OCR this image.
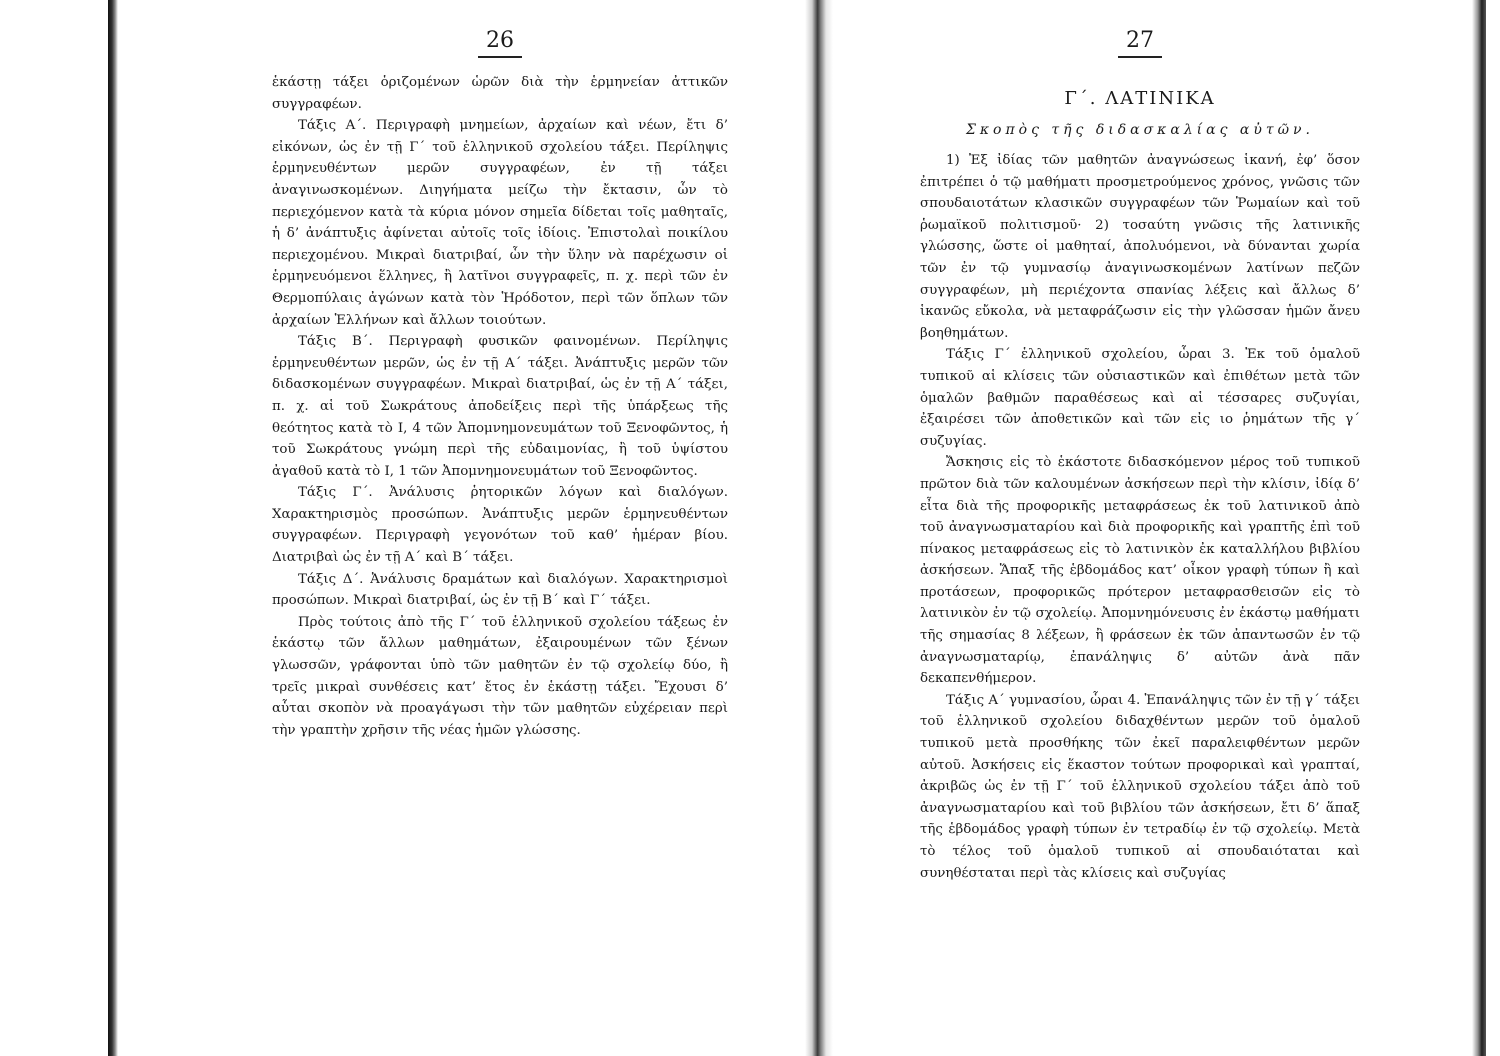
26

ἑκάστῃ τάξει ὁριζομένων ὡρῶν διὰ τὴν ἑρμηνείαν ἀττικῶν συγγραφέων.

Τάξις Α΄. Περιγραφὴ μνημείων, ἀρχαίων καὶ νέων, ἔτι δ’ εἰκόνων, ὡς ἐν τῇ Γ΄ τοῦ ἑλληνικοῦ σχολείου τάξει. Περίληψις ἑρμηνευθέντων μερῶν συγγραφέων, ἐν τῇ τάξει ἀναγινωσκομένων. Διηγήματα μείζω τὴν ἔκτασιν, ὧν τὸ περιεχόμενον κατὰ τὰ κύρια μόνον σημεῖα δίδεται τοῖς μαθηταῖς, ἡ δ’ ἀνάπτυξις ἀφίνεται αὐτοῖς τοῖς ἰδίοις. Ἐπιστολαὶ ποικίλου περιεχομένου. Μικραὶ διατριβαί, ὧν τὴν ὕλην νὰ παρέχωσιν οἱ ἑρμηνευόμενοι ἕλληνες, ἢ λατῖνοι συγγραφεῖς, π. χ. περὶ τῶν ἐν Θερμοπύλαις ἀγώνων κατὰ τὸν Ἡρόδοτον, περὶ τῶν ὅπλων τῶν ἀρχαίων Ἑλλήνων καὶ ἄλλων τοιούτων.

Τάξις Β΄. Περιγραφὴ φυσικῶν φαινομένων. Περίληψις ἑρμηνευθέντων μερῶν, ὡς ἐν τῇ Α΄ τάξει. Ἀνάπτυξις μερῶν τῶν διδασκομένων συγγραφέων. Μικραὶ διατριβαί, ὡς ἐν τῇ Α΄ τάξει, π. χ. αἱ τοῦ Σωκράτους ἀποδείξεις περὶ τῆς ὑπάρξεως τῆς θεότητος κατὰ τὸ Ι, 4 τῶν Ἀπομνημονευμάτων τοῦ Ξενοφῶντος, ἡ τοῦ Σωκράτους γνώμη περὶ τῆς εὐδαιμονίας, ἢ τοῦ ὑψίστου ἀγαθοῦ κατὰ τὸ Ι, 1 τῶν Ἀπομνημονευμάτων τοῦ Ξενοφῶντος.

Τάξις Γ΄. Ἀνάλυσις ῥητορικῶν λόγων καὶ διαλόγων. Χαρακτηρισμὸς προσώπων. Ἀνάπτυξις μερῶν ἑρμηνευθέντων συγγραφέων. Περιγραφὴ γεγονότων τοῦ καθ’ ἡμέραν βίου. Διατριβαὶ ὡς ἐν τῇ Α΄ καὶ Β΄ τάξει.

Τάξις Δ΄. Ἀνάλυσις δραμάτων καὶ διαλόγων. Χαρακτηρισμοὶ προσώπων. Μικραὶ διατριβαί, ὡς ἐν τῇ Β΄ καὶ Γ΄ τάξει.

Πρὸς τούτοις ἀπὸ τῆς Γ΄ τοῦ ἑλληνικοῦ σχολείου τάξεως ἐν ἑκάστῳ τῶν ἄλλων μαθημάτων, ἐξαιρουμένων τῶν ξένων γλωσσῶν, γράφονται ὑπὸ τῶν μαθητῶν ἐν τῷ σχολείῳ δύο, ἢ τρεῖς μικραὶ συνθέσεις κατ’ ἔτος ἐν ἑκάστῃ τάξει. Ἔχουσι δ’ αὗται σκοπὸν νὰ προαγάγωσι τὴν τῶν μαθητῶν εὐχέρειαν περὶ τὴν γραπτὴν χρῆσιν τῆς νέας ἡμῶν γλώσσης.

27
Γ΄. ΛΑΤΙΝΙΚΑ
Σκοπὸς τῆς διδασκαλίας αὐτῶν.

1) Ἐξ ἰδίας τῶν μαθητῶν ἀναγνώσεως ἱκανή, ἐφ’ ὅσον ἐπιτρέπει ὁ τῷ μαθήματι προσμετρούμενος χρόνος, γνῶσις τῶν σπουδαιοτάτων κλασικῶν συγγραφέων τῶν Ῥωμαίων καὶ τοῦ ῥωμαϊκοῦ πολιτισμοῦ· 2) τοσαύτη γνῶσις τῆς λατινικῆς γλώσσης, ὥστε οἱ μαθηταί, ἀπολυόμενοι, νὰ δύνανται χωρία τῶν ἐν τῷ γυμνασίῳ ἀναγινωσκομένων λατίνων πεζῶν συγγραφέων, μὴ περιέχοντα σπανίας λέξεις καὶ ἄλλως δ’ ἱκανῶς εὔκολα, νὰ μεταφράζωσιν εἰς τὴν γλῶσσαν ἡμῶν ἄνευ βοηθημάτων.

Τάξις Γ΄ ἑλληνικοῦ σχολείου, ὧραι 3. Ἐκ τοῦ ὁμαλοῦ τυπικοῦ αἱ κλίσεις τῶν οὐσιαστικῶν καὶ ἐπιθέτων μετὰ τῶν ὁμαλῶν βαθμῶν παραθέσεως καὶ αἱ τέσσαρες συζυγίαι, ἐξαιρέσει τῶν ἀποθετικῶν καὶ τῶν εἰς ιο ῥημάτων τῆς γ΄ συζυγίας.

Ἄσκησις εἰς τὸ ἑκάστοτε διδασκόμενον μέρος τοῦ τυπικοῦ πρῶτον διὰ τῶν καλουμένων ἀσκήσεων περὶ τὴν κλίσιν, ἰδίᾳ δ’ εἶτα διὰ τῆς προφορικῆς μεταφράσεως ἐκ τοῦ λατινικοῦ ἀπὸ τοῦ ἀναγνωσματαρίου καὶ διὰ προφορικῆς καὶ γραπτῆς ἐπὶ τοῦ πίνακος μεταφράσεως εἰς τὸ λατινικὸν ἐκ καταλλήλου βιβλίου ἀσκήσεων. Ἅπαξ τῆς ἑβδομάδος κατ’ οἶκον γραφὴ τύπων ἢ καὶ προτάσεων, προφορικῶς πρότερον μεταφρασθεισῶν εἰς τὸ λατινικὸν ἐν τῷ σχολείῳ. Ἀπομνημόνευσις ἐν ἑκάστῳ μαθήματι τῆς σημασίας 8 λέξεων, ἢ φράσεων ἐκ τῶν ἀπαντωσῶν ἐν τῷ ἀναγνωσματαρίῳ, ἐπανάληψις δ’ αὐτῶν ἀνὰ πᾶν δεκαπενθήμερον.

Τάξις Α΄ γυμνασίου, ὧραι 4. Ἐπανάληψις τῶν ἐν τῇ γ΄ τάξει τοῦ ἑλληνικοῦ σχολείου διδαχθέντων μερῶν τοῦ ὁμαλοῦ τυπικοῦ μετὰ προσθήκης τῶν ἐκεῖ παραλειφθέντων μερῶν αὐτοῦ. Ἀσκήσεις εἰς ἕκαστον τούτων προφορικαὶ καὶ γραπταί, ἀκριβῶς ὡς ἐν τῇ Γ΄ τοῦ ἑλληνικοῦ σχολείου τάξει ἀπὸ τοῦ ἀναγνωσματαρίου καὶ τοῦ βιβλίου τῶν ἀσκήσεων, ἔτι δ’ ἅπαξ τῆς ἑβδομάδος γραφὴ τύπων ἐν τετραδίῳ ἐν τῷ σχολείῳ. Μετὰ τὸ τέλος τοῦ ὁμαλοῦ τυπικοῦ αἱ σπουδαιόταται καὶ συνηθέσταται περὶ τὰς κλίσεις καὶ συζυγίας
